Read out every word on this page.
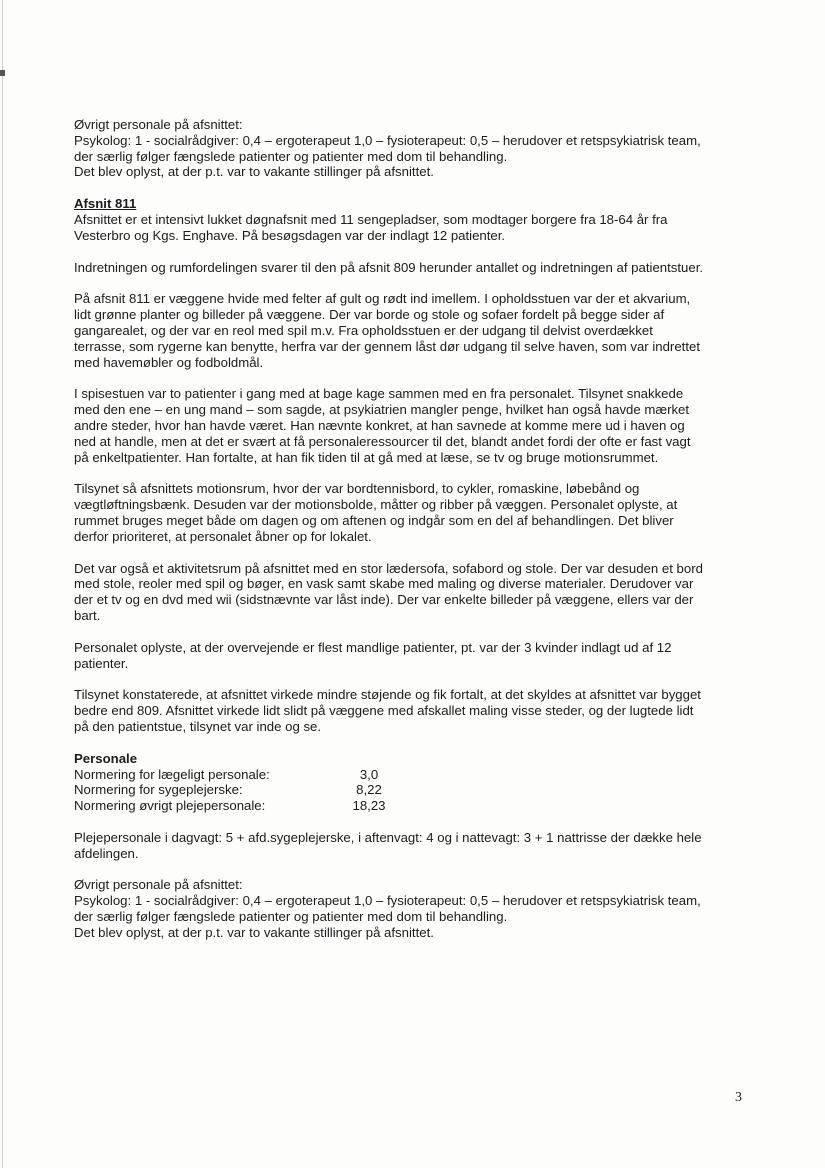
Øvrigt personale på afsnittet:

Psykolog: 1 - socialrådgiver: 0,4 – ergoterapeut 1,0 – fysioterapeut: 0,5 – herudover et retspsykiatrisk team, der særlig følger fængslede patienter og patienter med dom til behandling.

Det blev oplyst, at der p.t. var to vakante stillinger på afsnittet.

Afsnit 811

Afsnittet er et intensivt lukket døgnafsnit med 11 sengepladser, som modtager borgere fra 18-64 år fra Vesterbro og Kgs. Enghave. På besøgsdagen var der indlagt 12 patienter.

Indretningen og rumfordelingen svarer til den på afsnit 809 herunder antallet og indretningen af patientstuer.

På afsnit 811 er væggene hvide med felter af gult og rødt ind imellem. I opholdsstuen var der et akvarium, lidt grønne planter og billeder på væggene. Der var borde og stole og sofaer fordelt på begge sider af gangarealet, og der var en reol med spil m.v. Fra opholdsstuen er der udgang til delvist overdækket terrasse, som rygerne kan benytte, herfra var der gennem låst dør udgang til selve haven, som var indrettet med havemøbler og fodboldmål.

I spisestuen var to patienter i gang med at bage kage sammen med en fra personalet. Tilsynet snakkede med den ene – en ung mand – som sagde, at psykiatrien mangler penge, hvilket han også havde mærket andre steder, hvor han havde været. Han nævnte konkret, at han savnede at komme mere ud i haven og ned at handle, men at det er svært at få personaleressourcer til det, blandt andet fordi der ofte er fast vagt på enkeltpatienter. Han fortalte, at han fik tiden til at gå med at læse, se tv og bruge motionsrummet.

Tilsynet så afsnittets motionsrum, hvor der var bordtennisbord, to cykler, romaskine, løbebånd og vægtløftningsbænk. Desuden var der motionsbolde, måtter og ribber på væggen. Personalet oplyste, at rummet bruges meget både om dagen og om aftenen og indgår som en del af behandlingen. Det bliver derfor prioriteret, at personalet åbner op for lokalet.

Det var også et aktivitetsrum på afsnittet med en stor lædersofa, sofabord og stole. Der var desuden et bord med stole, reoler med spil og bøger, en vask samt skabe med maling og diverse materialer. Derudover var der et tv og en dvd med wii (sidstnævnte var låst inde). Der var enkelte billeder på væggene, ellers var der bart.

Personalet oplyste, at der overvejende er flest mandlige patienter, pt. var der 3 kvinder indlagt ud af 12 patienter.

Tilsynet konstaterede, at afsnittet virkede mindre støjende og fik fortalt, at det skyldes at afsnittet var bygget bedre end 809. Afsnittet virkede lidt slidt på væggene med afskallet maling visse steder, og der lugtede lidt på den patientstue, tilsynet var inde og se.

Personale

Normering for lægeligt personale:	3,0
Normering for sygeplejerske:	8,22
Normering øvrigt plejepersonale:	18,23

Plejepersonale i dagvagt: 5 + afd.sygeplejerske, i aftenvagt: 4 og i nattevagt: 3 + 1 nattrisse der dække hele afdelingen.

Øvrigt personale på afsnittet:

Psykolog: 1 - socialrådgiver: 0,4 – ergoterapeut 1,0 – fysioterapeut: 0,5 – herudover et retspsykiatrisk team, der særlig følger fængslede patienter og patienter med dom til behandling.

Det blev oplyst, at der p.t. var to vakante stillinger på afsnittet.

3
